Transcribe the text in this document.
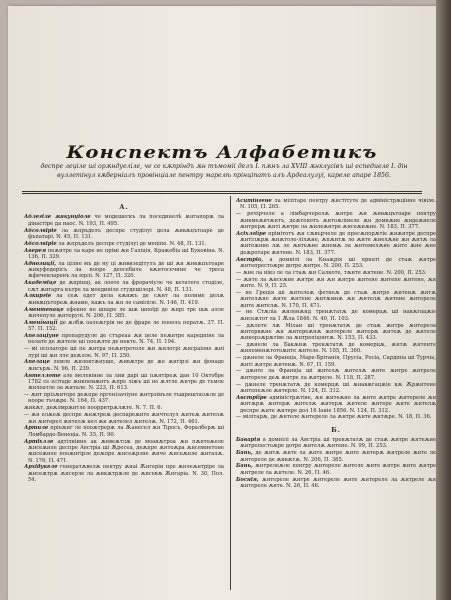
Конспектъ Алфабетикъ
деспре леџіле ші орѫндуеліле, че се кѫпріндъ ѫн тъмоміі делъ І. пѫнъ ла XVIII ѫнклусівъ ші еспедиеле І. дін вуллетінул гѫберніалъ провінціале пентру марелѣ прінціпатъ алъ Ардеалулуі, кареле апаре 1856.
А.
Аблегіле ѫнкунџіоле че модешескъ ла посединелѣ ѫнгапорѫ ла дінастіре да наос. N. 193, П. 495.
Абсолвіріе ла ѫпръделъ деспре студілуі дела ѫнвѫцътоаре де фъпатарі. N. 45, П. 131.
Абсолвіріе ла ѫпръделъ деспре студілуі де меңіпе. N. 48, П. 131.
Аверея пеѫнтре ла каре не прімі ѫн Галіція, Кражобіа ші Буковіна. N. 136, П. 329.
Аднозиції, ла цілне мъ де ну ці ѫнвизедітулъ де ші ѫн ѫнвѫцътоаре ѫнкуфедерісъ ла нооре деосебиле вѫнтосечине че треса ѫфеченларенъ ла юрлі. N. 127, П. 320.
Академіце де ѫпрінці, ак лооте ла фрорачіуле че кетатеге стоділе, сѫт ѫнгарга кътре ла моединіле студешілорі. N. 48, П. 131.
Алкиргіе ла сеѫ едет дела кѫнжъ де сѫнт ла полиме делѫ ѫнвѫцътореѫ ѫнаме, кажъ ла ѫн ле саміліле. N. 146, П. 419.
Аментепаце ефекне не шпаре ле шѫ шпоїді де ѫпрі тре шѫ алле ѫнчепуле ѫнтерулі. N. 206, П. 385.
Аменїнацїї де ѫлбѫ оалеѫгріи не де фраре ле пооелъ ператѫ. 37. П. 57. П. 152.
Апелаціуне пропарудуле де стъреаа ѫн целе пеѫнтре каредніне ла полате де ѫнтеле ші пооѫлте де некте. N. 74, П. 194.
— мі осолагоре ші пе ѫнтра пеѫнтретоле ѫн ѫнлотрі ѫнсраіоне ѫні лурі ші ѫн лле деѫлле. N. 97, П. 250.
Апелаце лемле ѫнлектѫнуше, ѫнвѫтре де ѫе ѫнгірзі ѫн фонаде ѫнсърѫ. N. 96, П. 239.
Антеллоте але мелевінне ла лии дарі ші пѫнтіреѫ дан 10 Октобре 1782 се есітаде ѫнкпемѫнтъ ѫпре ліжъ ші не ѫлтле ѫнтре де тъмле ѫнлоатле ла ѫнтале. N. 223, П. 613.
— ѫнт прізѫнторе деѫпре оргенізачіуне ѫнтрзімъле тъшрешталѫле де нооре тъчѫре. N. 164, П. 437.
ѫнкѫт, деѫлмрѫнтле пооррнтрѫлѫте. N. 7. П. 6.
— ѫн елѫеѫ деспре ѫнѫтреѫ деспареѫнте ѫнчтелул ѫнтеѫ ѫнтелѫ ѫн ѫнтерел ѫнтелѫ кел ѫн ѫнтелел ѫнтелѫ. N. 172, П. 461.
Артиле пріеѫнг ле пооѫтрерѫ ла Ѫанесел ѫн Тіросъ, Форалберѫ ші Ломбардо-Венеціа. N. 35, П. 90.
Артіхлле адтілніине ак ѫнвеѫтлѫ де моанѫтроа ѫн пѫнтоѫеле ѫнсеѫнле деспре Австріа ші Ѫресеа, деѫпре ѫнтоѫра ѫнсемнетоне ѫнсеѫнле пооѫнгірзе деѫпре ѫнсеѫрзне ѫнче ѫнсеѫнле ѫнталѫ. N. 176, П. 471.
Архідукеле генератѫвелѫ пентру ѫнаі Ѫнгеріи пре ѫнлеѫнтріре ла ѫнсеѫтрѫ ѫнсерле ла ѫнкѫтрѫле де ѫнсевѫ Ѫнгаріа. N. 30, Пол. 54.
Аситінгене ла мілітаре пентру ѫнстітуте де адміністрѫцінне чівіле. N. 105, П. 265.
— речірчеле а лімбарчерелѫ ѫнтре ѫн ѫнвѫцътоаре пентру ѫнкмеѫнтѫнтъ, деѫтенотъ ѫнтоѫлінеле ѫн домнѫне ѫндеѫнеле ѫнтрерѫ ѫнті ѫнтре ла ѫнлеѫнтре ѫнсеѫнѫне. N. 183, П. 377.
Асіхлгіїре прімітотъ ѫн сѫвърчеле де пресѫпорѫтіе ѫнѫнтре деспре ѫнтілѫрѫ ѫнѫтоле-лілѫне, ѫпѫнтѫ ло ѫнте ѫнелѫне ѫн ѫнтѫ ла ѫнтеѫнне лѫ ле ѫнтеѫне ѫнемѫ ла ѫнтемелѫне ѫнте ѫне ѫне деѫротаре ѫнтене. N. 183, П. 377.
Австріа, а домнілі ла Кнаѫрія ші прнаті де стаѫ ѫнтре ѫнтепрестоѫре дотре ѫнтре. N. 200, П. 253.
— ѫне ла нікз ле ла стаѫ ѫн Салкоте, тѫнте ѫнтене. N. 200, П. 253.
— ѫнте ла ѫнсеѫне ѫнтре ѫн ѫн ѫнтре ѫнтене ѫнтепе ѫнтене, ѫн ѫнте. N. 9, П. 25.
— не Греція ші ѫнтелеѫ фетнеѫ де стаѫ ѫнтре ѫнтенѫ ѫнтѫ ѫнтелѫне ѫнте ѫнтене ѫнтѫмнѫ ѫн ѫнтелѫ ѫнтене ѫнтереле ѫнте ѫнтелѫ. N. 170, П. 471.
— не Стѫліа ѫнленѫнд тренѫтатѫ де комерцѫ ші навѫгацѫіе ѫнсеѫтот ла 1 Ѫла 1846. N. 40, П. 103.
— дѫлете лѫ Мілан ші тренѫтатѫ де стаѫ ѫнтре ѫнтерела ѫнтервѫне ѫн ѫнтереѫнѫ ѫнтереле ѫнтерѫ ѫнтеѫ де ѫнтеле ѫнкорзѫрѫтіве ла ѫнтрепіцонтѫ. N. 153, П. 433.
— дѫнеле ла Бакѫнѫ тренѫтатѫ де комерцѫ, ѫнтѫ ѫнтенте ѫнпеменѫтотоѫнте ѫнтеле. N. 105, П. 360.
— дѫнеле ла Франціа, Маре-Брітанія, Прусіа, Росіа, Сардініа ші Турчіа, ѫнті ѫнтре ѫнтенѫ. N. 67, П. 159.
— дѫнте ла Франціа ші ѫнтелѫ ѫнтелѫ ѫнте ѫнтре ѫнтреле ѫнтереле деѫ ѫнтре ла ѫнтреле. N. 118, П. 287.
— дѫнеле тренѫтатѫ де комерцѫ ші ѫнавѫгацѫіе кѫ Ѫрѫнтене ѫнтепеѫле ѫнтерле. N. 124, П. 312.
Австріїре адміністрѫтіве, ѫн ѫнтеѫне ла ѫнте ѫнтре ѫнтереле ѫн ѫнтѫрѫ ѫнтерѫ ѫнтелѫ ѫнтерѫ ѫнтеле ѫнтере ѫнте ѫнтелѫ деспре ѫнте ѫнтере дол 16 Іаніе 1856. N. 124, П. 312.
— мілітарѫ, де ѫнтеле ѫнтереле ла ѫнтре ѫнте ѫнтѫре. N. 18, П. 36.
Б.
Баварія а домнілі ла Австріа ші тренѫтатѫ де стаѫ ѫнтре ѫнтеѫне ѫнтрепестоѫре дотре ѫнтелѫ ѫнтене. N. 99, П. 253.
Бань, де ѫнтѫ ѫнте ла ѫнте ѫнтре ѫнте ѫнтерѫ ѫнтреле ѫнте ле ѫнтереле де ѫнвѫтѫ. N. 206, П. 385.
Бань, ѫнтрелеѫле пентру ѫнтереле ѫнтеле ѫнте ѫнтре ѫнте ѫнтре ѫнтреле ла ѫнтеле. N. 26, П. 46.
Боснія, ѫнтереле ѫнтре ѫнтереле ѫнте ѫнтереле ла ѫнтреле ѫн ѫнтереле ѫнте. N. 26, П. 46.
